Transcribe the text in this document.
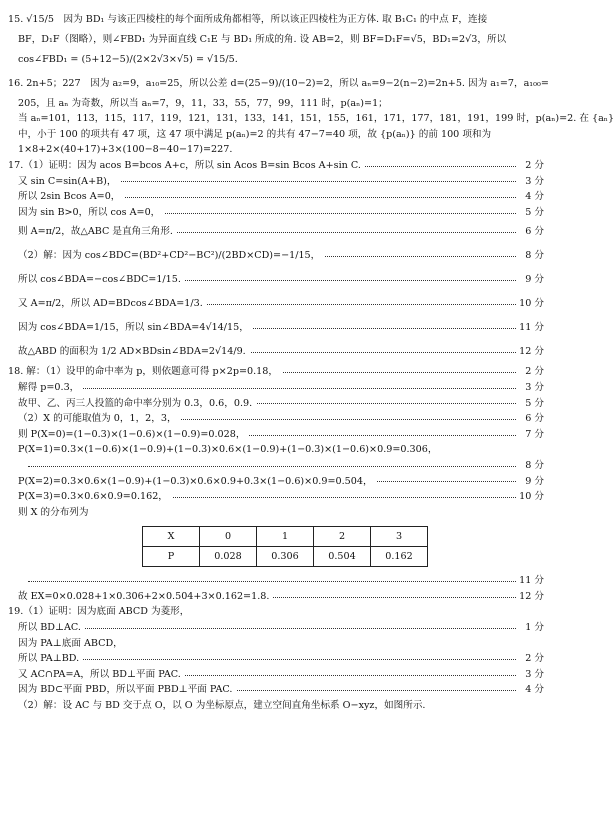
15. √15/5　因为 BD₁ 与该正四棱柱的每个面所成角都相等，所以该正四棱柱为正方体. 取 B₁C₁ 的中点 F，连接
BF，D₁F（图略），则∠FBD₁ 为异面直线 C₁E 与 BD₁ 所成的角. 设 AB=2，则 BF=D₁F=√5，BD₁=2√3，所以
cos∠FBD₁ = (5+12−5)/(2×2√3×√5) = √15/5.
16. 2n+5；227　因为 a₂=9，a₁₀=25，所以公差 d=(25−9)/(10−2)=2，所以 aₙ=9−2(n−2)=2n+5. 因为 a₁=7，a₁₀₀=
205，且 aₙ 为奇数，所以当 aₙ=7，9，11，33，55，77，99，111 时，p(aₙ)=1；
当 aₙ=101，113，115，117，119，121，131，133，141，151，155，161，171，177，181，191，199 时，p(aₙ)=2. 在 {aₙ}
中，小于 100 的项共有 47 项，这 47 项中满足 p(aₙ)=2 的共有 47−7=40 项，故 {p(aₙ)} 的前 100 项和为
1×8+2×(40+17)+3×(100−8−40−17)=227.
17.（1）证明：因为 acos B=bcos A+c，所以 sin Acos B=sin Bcos A+sin C.	2 分
又 sin C=sin(A+B)，	3 分
所以 2sin Bcos A=0，	4 分
因为 sin B>0，所以 cos A=0，	5 分
则 A=π/2，故△ABC 是直角三角形.	6 分
（2）解：因为 cos∠BDC=(BD²+CD²−BC²)/(2BD×CD)=−1/15，	8 分
所以 cos∠BDA=−cos∠BDC=1/15.	9 分
又 A=π/2，所以 AD=BDcos∠BDA=1/3.	10 分
因为 cos∠BDA=1/15，所以 sin∠BDA=4√14/15，	11 分
故△ABD 的面积为 1/2 AD×BDsin∠BDA=2√14/9.	12 分
18. 解：（1）设甲的命中率为 p，则依题意可得 p×2p=0.18，	2 分
解得 p=0.3，	3 分
故甲、乙、丙三人投篮的命中率分别为 0.3，0.6，0.9.	5 分
（2）X 的可能取值为 0，1，2，3，	6 分
则 P(X=0)=(1−0.3)×(1−0.6)×(1−0.9)=0.028，	7 分
P(X=1)=0.3×(1−0.6)×(1−0.9)+(1−0.3)×0.6×(1−0.9)+(1−0.3)×(1−0.6)×0.9=0.306，
8 分
P(X=2)=0.3×0.6×(1−0.9)+(1−0.3)×0.6×0.9+0.3×(1−0.6)×0.9=0.504，	9 分
P(X=3)=0.3×0.6×0.9=0.162，	10 分
则 X 的分布列为
X	0	1	2	3
P	0.028	0.306	0.504	0.162
11 分
故 EX=0×0.028+1×0.306+2×0.504+3×0.162=1.8.	12 分
19.（1）证明：因为底面 ABCD 为菱形，
所以 BD⊥AC.	1 分
因为 PA⊥底面 ABCD，
所以 PA⊥BD.	2 分
又 AC∩PA=A，所以 BD⊥平面 PAC.	3 分
因为 BD⊂平面 PBD，所以平面 PBD⊥平面 PAC.	4 分
（2）解：设 AC 与 BD 交于点 O，以 O 为坐标原点，建立空间直角坐标系 O−xyz，如图所示.
